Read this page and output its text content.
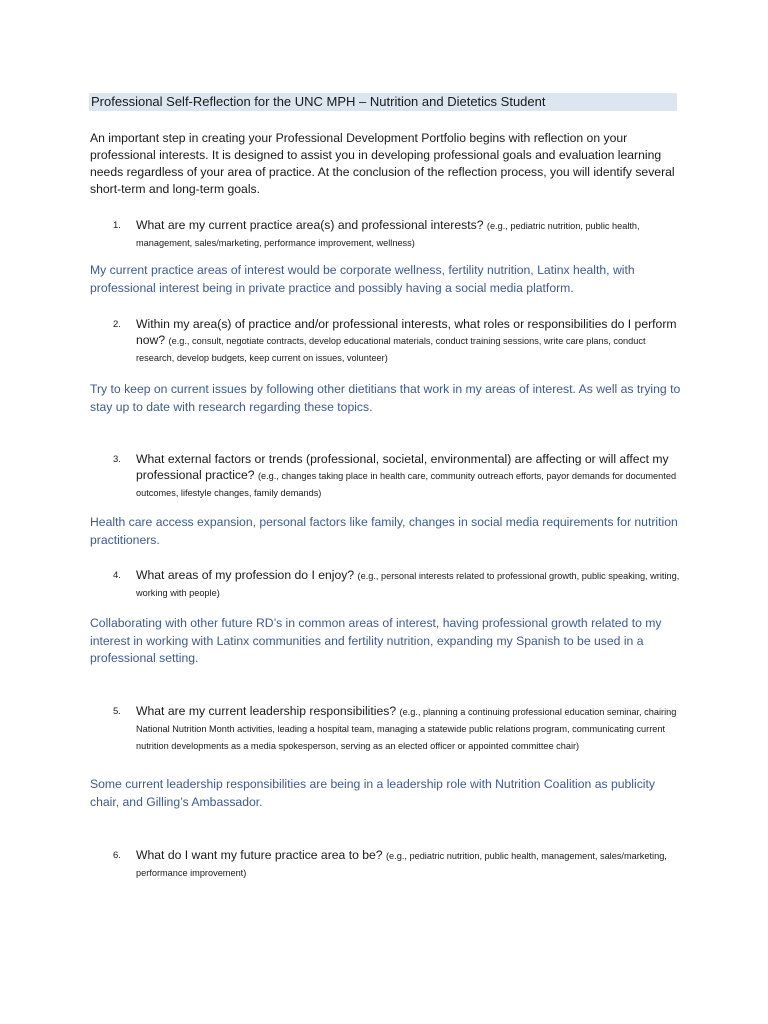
Professional Self-Reflection for the UNC MPH – Nutrition and Dietetics Student
An important step in creating your Professional Development Portfolio begins with reflection on your professional interests. It is designed to assist you in developing professional goals and evaluation learning needs regardless of your area of practice. At the conclusion of the reflection process, you will identify several short-term and long-term goals.
1.	What are my current practice area(s) and professional interests? (e.g., pediatric nutrition, public health, management, sales/marketing, performance improvement, wellness)
My current practice areas of interest would be corporate wellness, fertility nutrition, Latinx health, with professional interest being in private practice and possibly having a social media platform.
2.	Within my area(s) of practice and/or professional interests, what roles or responsibilities do I perform now? (e.g., consult, negotiate contracts, develop educational materials, conduct training sessions, write care plans, conduct research, develop budgets, keep current on issues, volunteer)
Try to keep on current issues by following other dietitians that work in my areas of interest. As well as trying to stay up to date with research regarding these topics.
3.	What external factors or trends (professional, societal, environmental) are affecting or will affect my professional practice? (e.g., changes taking place in health care, community outreach efforts, payor demands for documented outcomes, lifestyle changes, family demands)
Health care access expansion, personal factors like family, changes in social media requirements for nutrition practitioners.
4.	What areas of my profession do I enjoy? (e.g., personal interests related to professional growth, public speaking, writing, working with people)
Collaborating with other future RD’s in common areas of interest, having professional growth related to my interest in working with Latinx communities and fertility nutrition, expanding my Spanish to be used in a professional setting.
5.	What are my current leadership responsibilities? (e.g., planning a continuing professional education seminar, chairing National Nutrition Month activities, leading a hospital team, managing a statewide public relations program, communicating current nutrition developments as a media spokesperson, serving as an elected officer or appointed committee chair)
Some current leadership responsibilities are being in a leadership role with Nutrition Coalition as publicity chair, and Gilling’s Ambassador.
6.	What do I want my future practice area to be? (e.g., pediatric nutrition, public health, management, sales/marketing, performance improvement)
